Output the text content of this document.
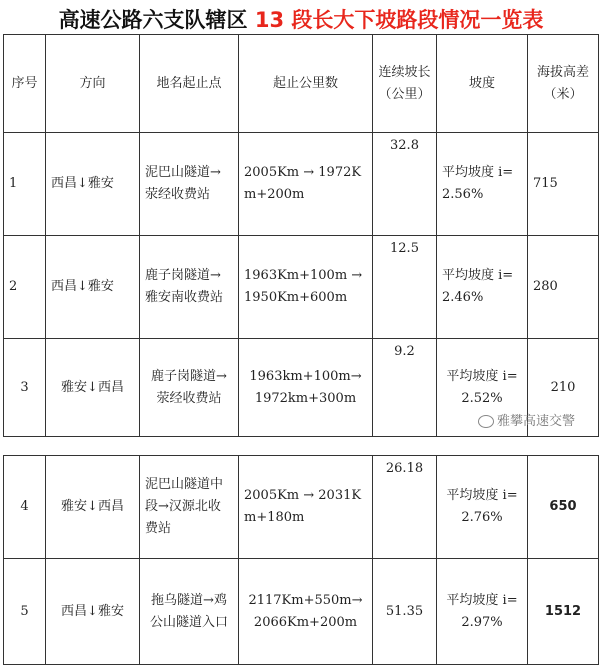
高速公路六支队辖区 13 段长大下坡路段情况一览表
序号	方向	地名起止点	起止公里数	连续坡长（公里）	坡度	海拔高差（米）
1	西昌↓雅安	泥巴山隧道→荥经收费站	2005Km → 1972Km+200m	32.8	平均坡度 i=2.56%	715
2	西昌↓雅安	鹿子岗隧道→雅安南收费站	1963Km+100m → 1950Km+600m	12.5	平均坡度 i=2.46%	280
3	雅安↓西昌	鹿子岗隧道→荥经收费站	1963km+100m→ 1972km+300m	9.2	平均坡度 i=2.52%	210
雅攀高速交警
4	雅安↓西昌	泥巴山隧道中段→汉源北收费站	2005Km → 2031Km+180m	26.18	平均坡度 i=2.76%	650
5	西昌↓雅安	拖乌隧道→鸡公山隧道入口	2117Km+550m→ 2066Km+200m	51.35	平均坡度 i=2.97%	1512
